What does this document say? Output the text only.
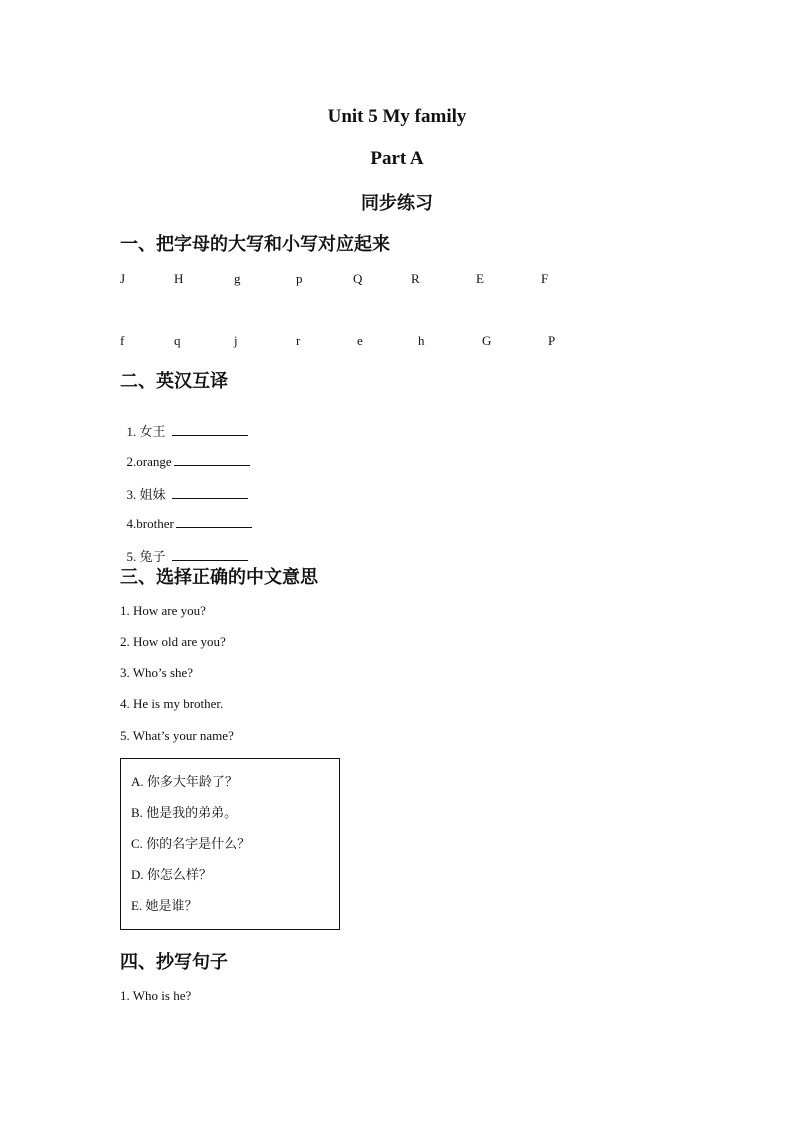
Unit 5 My family
Part A
同步练习
一、把字母的大写和小写对应起来
J	H	g	p	Q	R	E	F
f	q	j	r	e	h	G	P
二、英汉互译

1. 女王

2.orange

3. 姐妹

4.brother

5. 兔子

三、选择正确的中文意思
1. How are you?
2. How old are you?
3. Who’s she?
4. He is my brother.
5. What’s your name?
A. 你多大年龄了？
B. 他是我的弟弟。
C. 你的名字是什么？
D. 你怎么样？
E. 她是谁？
四、抄写句子
1. Who is he?
